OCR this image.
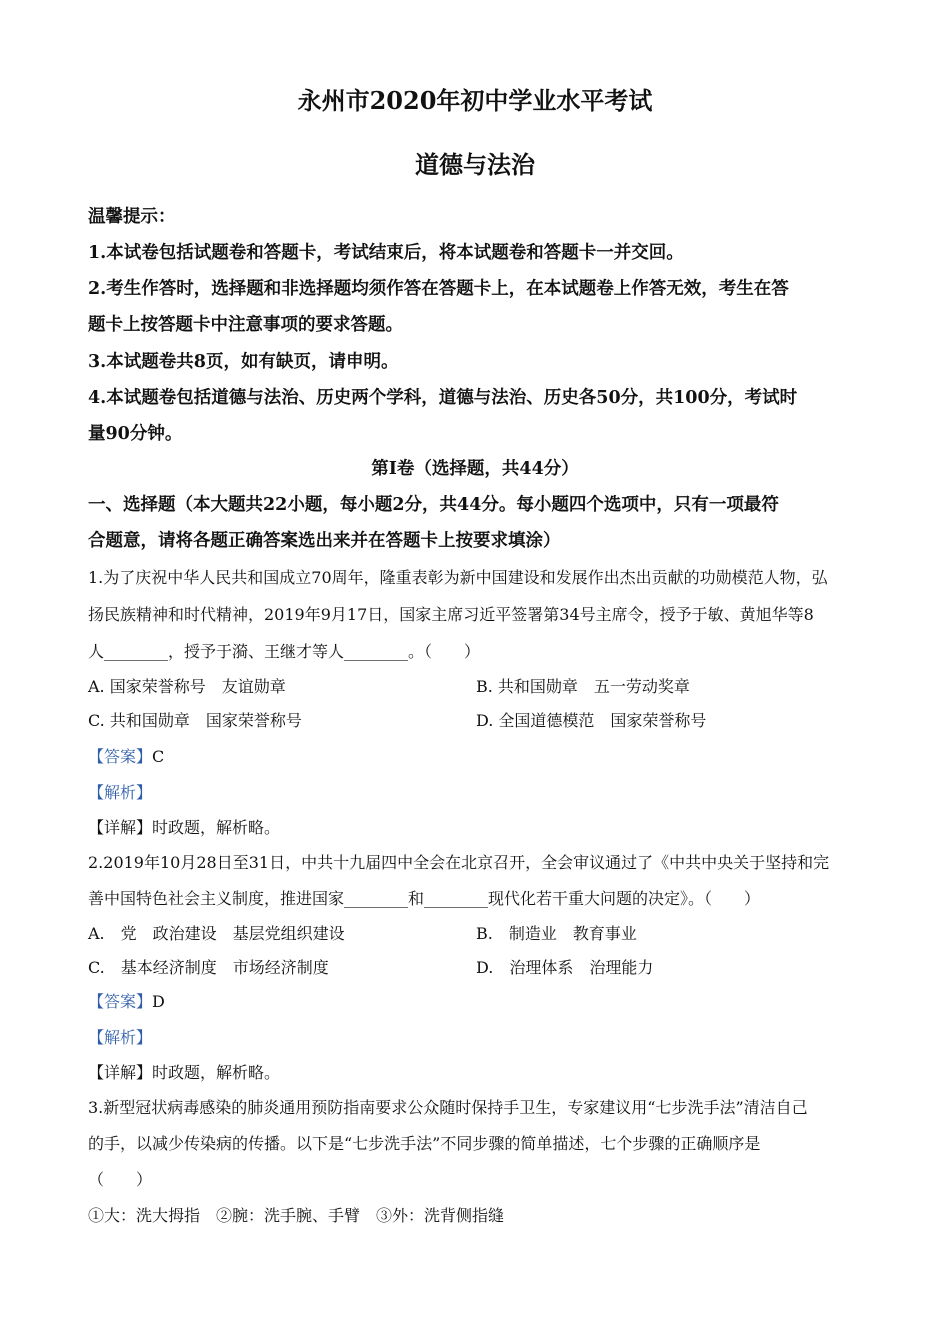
永州市2020年初中学业水平考试
道德与法治
温馨提示：
1.本试卷包括试题卷和答题卡，考试结束后，将本试题卷和答题卡一并交回。
2.考生作答时，选择题和非选择题均须作答在答题卡上，在本试题卷上作答无效，考生在答
题卡上按答题卡中注意事项的要求答题。
3.本试题卷共8页，如有缺页，请申明。
4.本试题卷包括道德与法治、历史两个学科，道德与法治、历史各50分，共100分，考试时
量90分钟。
第Ⅰ卷（选择题，共44分）
一、选择题（本大题共22小题，每小题2分，共44分。每小题四个选项中，只有一项最符
合题意，请将各题正确答案选出来并在答题卡上按要求填涂）
1.为了庆祝中华人民共和国成立70周年，隆重表彰为新中国建设和发展作出杰出贡献的功勋模范人物，弘
扬民族精神和时代精神，2019年9月17日，国家主席习近平签署第34号主席令，授予于敏、黄旭华等8
人________，授予于漪、王继才等人________。（　　）
A. 国家荣誉称号　友谊勋章	B. 共和国勋章　五一劳动奖章
C. 共和国勋章　国家荣誉称号	D. 全国道德模范　国家荣誉称号
【答案】C
【解析】
【详解】时政题，解析略。
2.2019年10月28日至31日，中共十九届四中全会在北京召开，全会审议通过了《中共中央关于坚持和完
善中国特色社会主义制度，推进国家________和________现代化若干重大问题的决定》。（　　）
A.　党　政治建设　基层党组织建设	B.　制造业　教育事业
C.　基本经济制度　市场经济制度	D.　治理体系　治理能力
【答案】D
【解析】
【详解】时政题，解析略。
3.新型冠状病毒感染的肺炎通用预防指南要求公众随时保持手卫生，专家建议用“七步洗手法”清洁自己
的手，以减少传染病的传播。以下是“七步洗手法”不同步骤的简单描述，七个步骤的正确顺序是
（　　）
①大：洗大拇指　②腕：洗手腕、手臂　③外：洗背侧指缝
